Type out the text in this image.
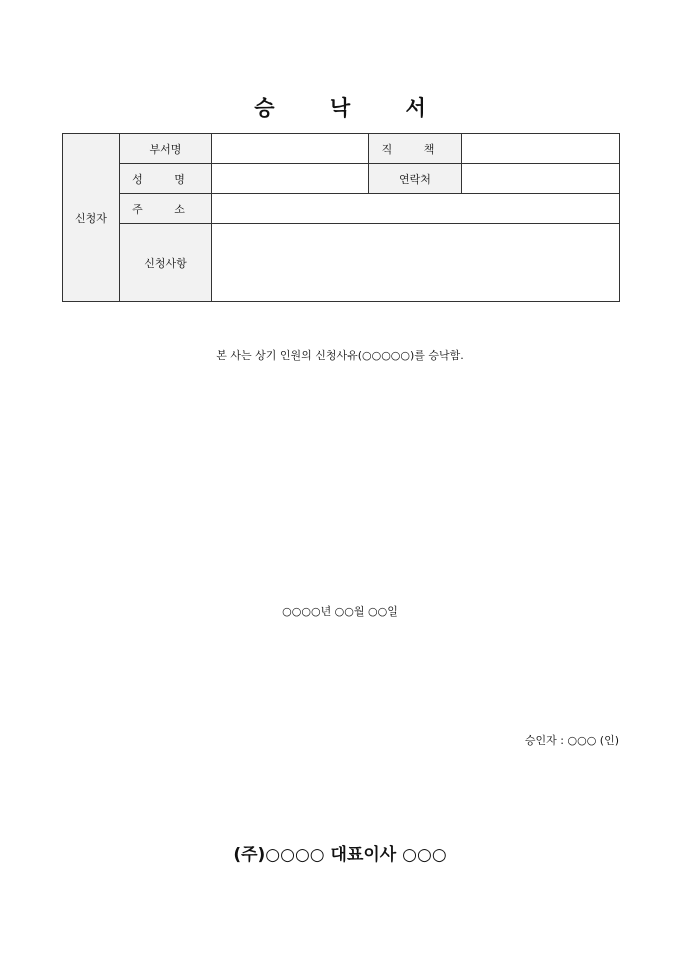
승 낙 서
신청자	부서명		직 책	
	성 명		연락처	
	주 소			
	신청사항			
본 사는 상기 인원의 신청사유(○○○○○)를 승낙함.
○○○○년 ○○월 ○○일
승인자 : ○○○ (인)
(주)○○○○ 대표이사 ○○○
